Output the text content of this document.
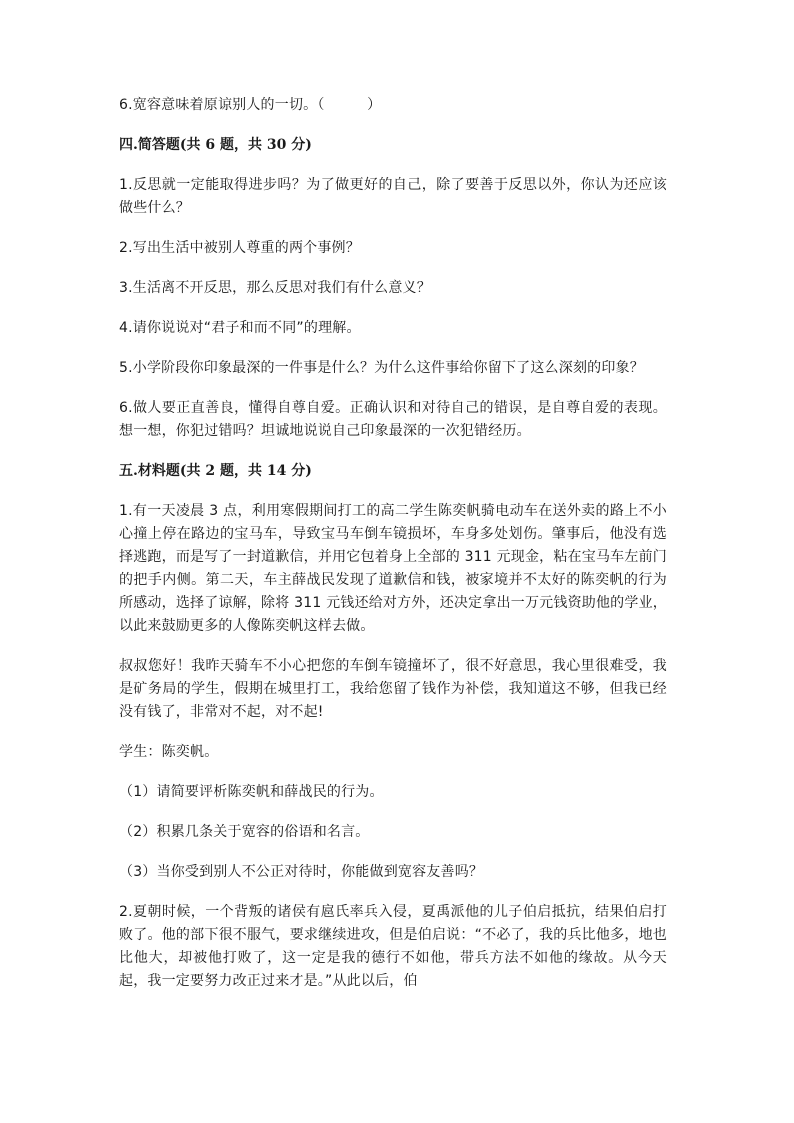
6.宽容意味着原谅别人的一切。（　　　）

四.简答题(共 6 题，共 30 分)

1.反思就一定能取得进步吗？为了做更好的自己，除了要善于反思以外，你认为还应该做些什么？

2.写出生活中被别人尊重的两个事例？

3.生活离不开反思，那么反思对我们有什么意义？

4.请你说说对“君子和而不同”的理解。

5.小学阶段你印象最深的一件事是什么？为什么这件事给你留下了这么深刻的印象？

6.做人要正直善良，懂得自尊自爱。正确认识和对待自己的错误，是自尊自爱的表现。想一想，你犯过错吗？坦诚地说说自己印象最深的一次犯错经历。

五.材料题(共 2 题，共 14 分)

1.有一天凌晨 3 点，利用寒假期间打工的高二学生陈奕帆骑电动车在送外卖的路上不小心撞上停在路边的宝马车，导致宝马车倒车镜损坏，车身多处划伤。肇事后，他没有选择逃跑，而是写了一封道歉信，并用它包着身上全部的 311 元现金，粘在宝马车左前门的把手内侧。第二天，车主薛战民发现了道歉信和钱，被家境并不太好的陈奕帆的行为所感动，选择了谅解，除将 311 元钱还给对方外，还决定拿出一万元钱资助他的学业，以此来鼓励更多的人像陈奕帆这样去做。

叔叔您好！我昨天骑车不小心把您的车倒车镜撞坏了，很不好意思，我心里很难受，我是矿务局的学生，假期在城里打工，我给您留了钱作为补偿，我知道这不够，但我已经没有钱了，非常对不起，对不起!

学生：陈奕帆。

（1）请简要评析陈奕帆和薛战民的行为。

（2）积累几条关于宽容的俗语和名言。

（3）当你受到别人不公正对待时，你能做到宽容友善吗？

2.夏朝时候，一个背叛的诸侯有扈氏率兵入侵，夏禹派他的儿子伯启抵抗，结果伯启打败了。他的部下很不服气，要求继续进攻，但是伯启说：“不必了，我的兵比他多，地也比他大，却被他打败了，这一定是我的德行不如他，带兵方法不如他的缘故。从今天起，我一定要努力改正过来才是。”从此以后，伯
